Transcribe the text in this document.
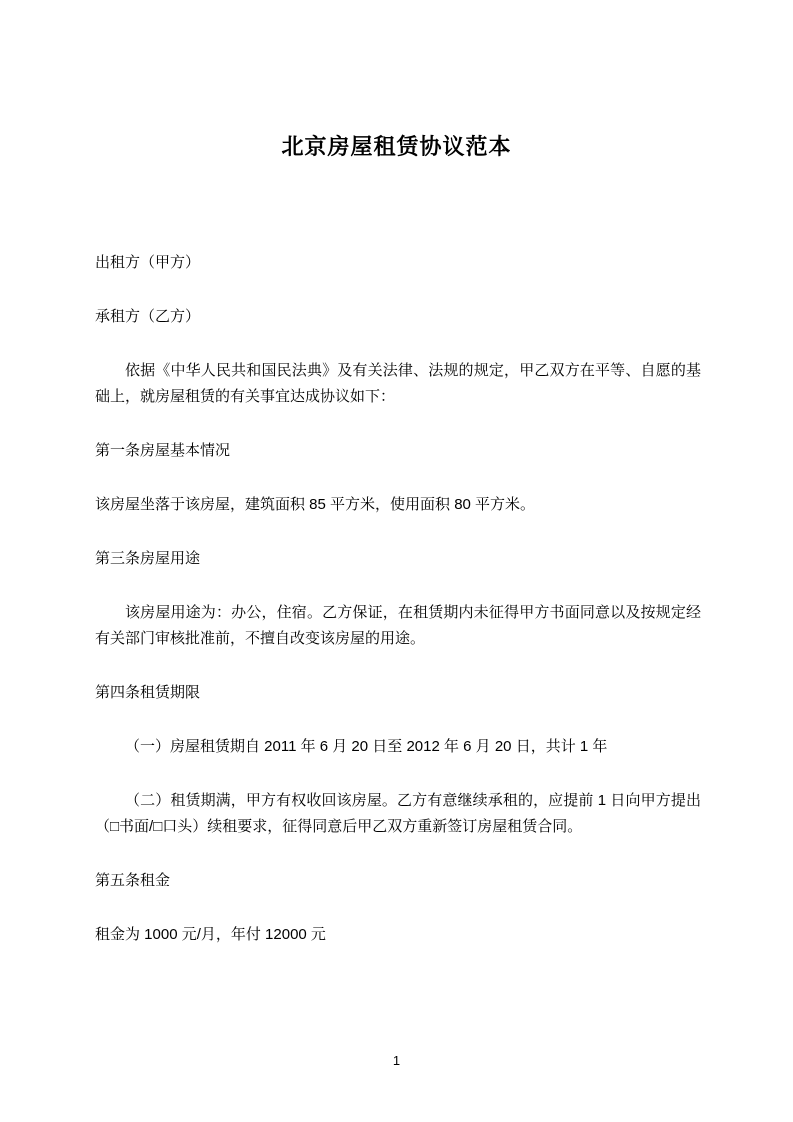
北京房屋租赁协议范本

出租方（甲方）

承租方（乙方）

依据《中华人民共和国民法典》及有关法律、法规的规定，甲乙双方在平等、自愿的基础上，就房屋租赁的有关事宜达成协议如下：

第一条房屋基本情况

该房屋坐落于该房屋，建筑面积 85 平方米，使用面积 80 平方米。

第三条房屋用途

该房屋用途为：办公，住宿。乙方保证，在租赁期内未征得甲方书面同意以及按规定经有关部门审核批准前，不擅自改变该房屋的用途。

第四条租赁期限

（一）房屋租赁期自 2011 年 6 月 20 日至 2012 年 6 月 20 日，共计 1 年

（二）租赁期满，甲方有权收回该房屋。乙方有意继续承租的，应提前 1 日向甲方提出（□书面/□口头）续租要求，征得同意后甲乙双方重新签订房屋租赁合同。

第五条租金

租金为 1000 元/月，年付 12000 元

1
